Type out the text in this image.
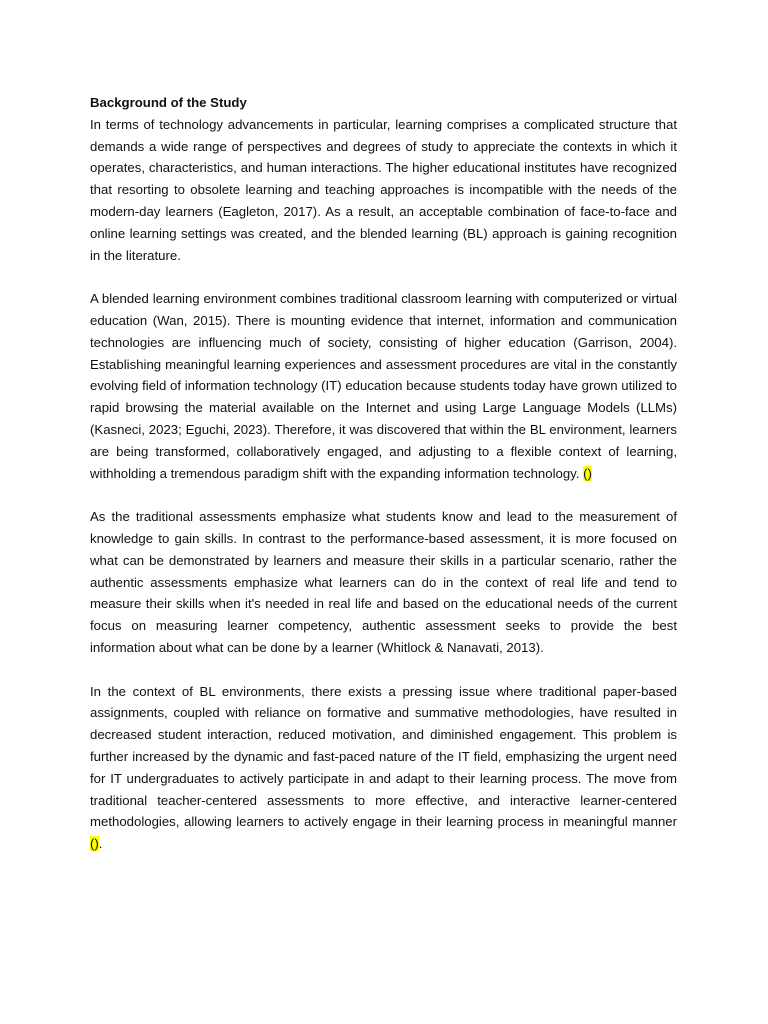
Background of the Study

In terms of technology advancements in particular, learning comprises a complicated structure that demands a wide range of perspectives and degrees of study to appreciate the contexts in which it operates, characteristics, and human interactions. The higher educational institutes have recognized that resorting to obsolete learning and teaching approaches is incompatible with the needs of the modern-day learners (Eagleton, 2017). As a result, an acceptable combination of face-to-face and online learning settings was created, and the blended learning (BL) approach is gaining recognition in the literature.

A blended learning environment combines traditional classroom learning with computerized or virtual education (Wan, 2015). There is mounting evidence that internet, information and communication technologies are influencing much of society, consisting of higher education (Garrison, 2004). Establishing meaningful learning experiences and assessment procedures are vital in the constantly evolving field of information technology (IT) education because students today have grown utilized to rapid browsing the material available on the Internet and using Large Language Models (LLMs) (Kasneci, 2023; Eguchi, 2023). Therefore, it was discovered that within the BL environment, learners are being transformed, collaboratively engaged, and adjusting to a flexible context of learning, withholding a tremendous paradigm shift with the expanding information technology. ()

As the traditional assessments emphasize what students know and lead to the measurement of knowledge to gain skills. In contrast to the performance-based assessment, it is more focused on what can be demonstrated by learners and measure their skills in a particular scenario, rather the authentic assessments emphasize what learners can do in the context of real life and tend to measure their skills when it's needed in real life and based on the educational needs of the current focus on measuring learner competency, authentic assessment seeks to provide the best information about what can be done by a learner (Whitlock & Nanavati, 2013).

In the context of BL environments, there exists a pressing issue where traditional paper-based assignments, coupled with reliance on formative and summative methodologies, have resulted in decreased student interaction, reduced motivation, and diminished engagement. This problem is further increased by the dynamic and fast-paced nature of the IT field, emphasizing the urgent need for IT undergraduates to actively participate in and adapt to their learning process. The move from traditional teacher-centered assessments to more effective, and interactive learner-centered methodologies, allowing learners to actively engage in their learning process in meaningful manner ().
